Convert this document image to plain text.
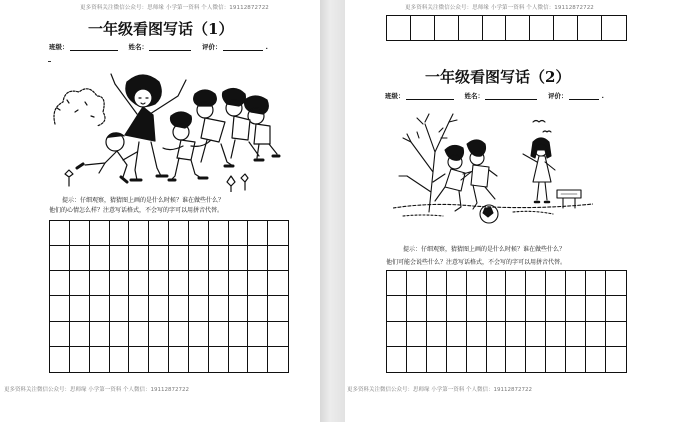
更多资料关注微信公众号：思师缘 小学第一资料 个人微信：19112872722
一年级看图写话（1）
班级：	姓名：	评价：	.
提示：仔细观察，猜猜图上画的是什么时候？谁在做些什么？
他们的心情怎么样？注意写话格式，不会写的字可以用拼音代替。
更多资料关注微信公众号：思师缘 小学第一资料 个人微信：19112872722
更多资料关注微信公众号：思师缘 小学第一资料 个人微信：19112872722
一年级看图写话（2）
班级：	姓名：	评价：	.
提示：仔细观察，猜猜图上画的是什么时候？谁在做些什么？
他们可能会说些什么？注意写话格式，不会写的字可以用拼音代替。
更多资料关注微信公众号：思师缘 小学第一资料 个人微信：19112872722
